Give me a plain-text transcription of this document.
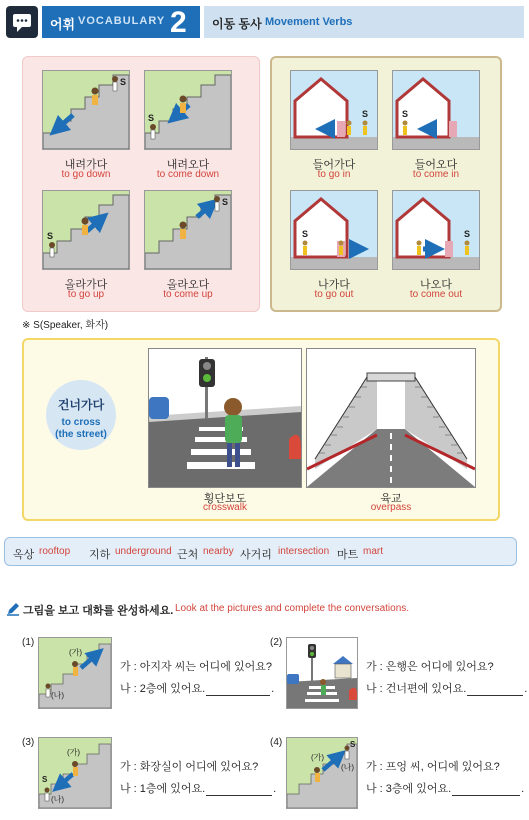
어휘 VOCABULARY 2 이동 동사 Movement Verbs
S
내려가다
to go down
S
내려오다
to come down
S
올라가다
to go up
S
올라오다
to come up
S
들어가다
to go in
S
들어오다
to come in
S
나가다
to go out
S
나오다
to come out
※ S(Speaker, 화자)
건너가다
to cross
(the street)
횡단보도
crosswalk
육교
overpass
옥상 rooftop 지하 underground 근처 nearby 사거리 intersection 마트 mart
그림을 보고 대화를 완성하세요. Look at the pictures and complete the conversations.
(1)
(가)
(나)
가 : 아지자 씨는 어디에 있어요?
나 : 2층에 있어요.	.
(2)
가 : 은행은 어디에 있어요?
나 : 건너편에 있어요.	.
(3)
(가)
(나)
S
가 : 화장실이 어디에 있어요?
나 : 1층에 있어요.	.
(4)
(가)
(나)
S
가 : 프엉 씨, 어디에 있어요?
나 : 3층에 있어요.	.
